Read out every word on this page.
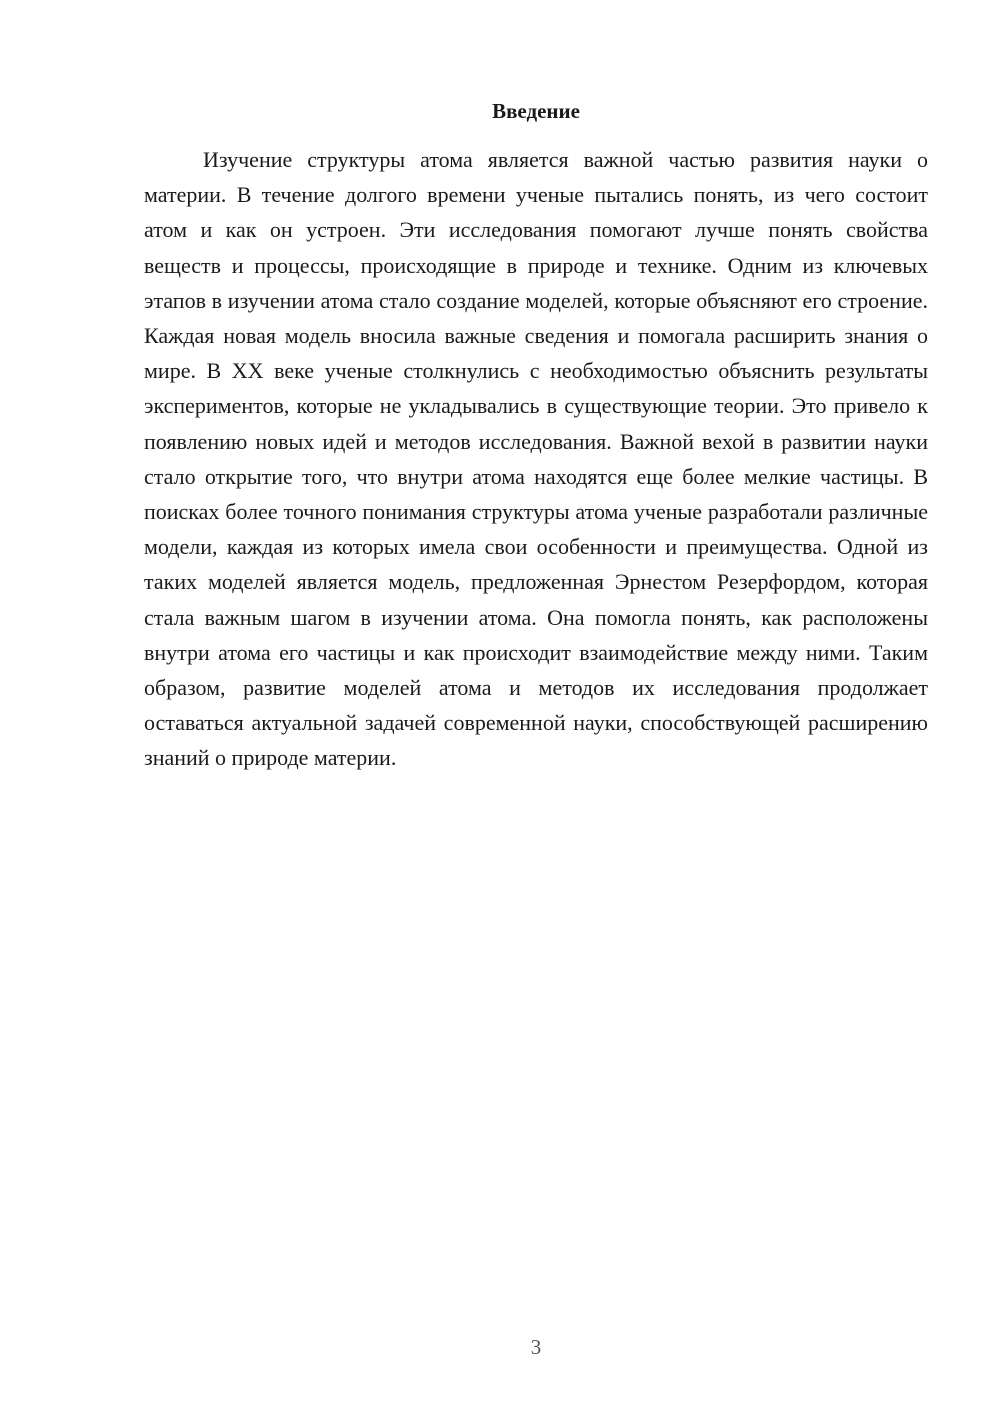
Введение

Изучение структуры атома является важной частью развития науки о материи. В течение долгого времени ученые пытались понять, из чего состоит атом и как он устроен. Эти исследования помогают лучше понять свойства веществ и процессы, происходящие в природе и технике. Одним из ключевых этапов в изучении атома стало создание моделей, которые объясняют его строение. Каждая новая модель вносила важные сведения и помогала расширить знания о мире. В XX веке ученые столкнулись с необходимостью объяснить результаты экспериментов, которые не укладывались в существующие теории. Это привело к появлению новых идей и методов исследования. Важной вехой в развитии науки стало открытие того, что внутри атома находятся еще более мелкие частицы. В поисках более точного понимания структуры атома ученые разработали различные модели, каждая из которых имела свои особенности и преимущества. Одной из таких моделей является модель, предложенная Эрнестом Резерфордом, которая стала важным шагом в изучении атома. Она помогла понять, как расположены внутри атома его частицы и как происходит взаимодействие между ними. Таким образом, развитие моделей атома и методов их исследования продолжает оставаться актуальной задачей современной науки, способствующей расширению знаний о природе материи.

3
